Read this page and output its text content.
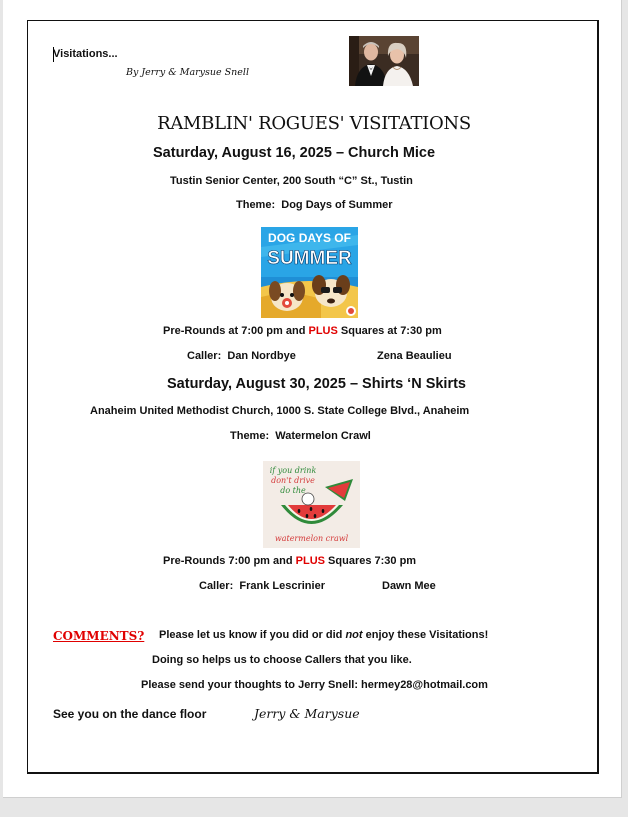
Visitations...
By Jerry & Marysue Snell
RAMBLIN' ROGUES' VISITATIONS
Saturday, August 16, 2025 – Church Mice
Tustin Senior Center, 200 South “C” St., Tustin
Theme: Dog Days of Summer
DOG DAYS OF
SUMMER
Pre-Rounds at 7:00 pm and PLUS Squares at 7:30 pm
Caller: Dan Nordbye	Zena Beaulieu
Saturday, August 30, 2025 – Shirts ‘N Skirts
Anaheim United Methodist Church, 1000 S. State College Blvd., Anaheim
Theme: Watermelon Crawl
if you drink
don't drive
do the
watermelon crawl
Pre-Rounds 7:00 pm and PLUS Squares 7:30 pm
Caller: Frank Lescrinier	Dawn Mee
COMMENTS? Please let us know if you did or did not enjoy these Visitations!
Doing so helps us to choose Callers that you like.
Please send your thoughts to Jerry Snell: hermey28@hotmail.com
See you on the dance floor	Jerry & Marysue
